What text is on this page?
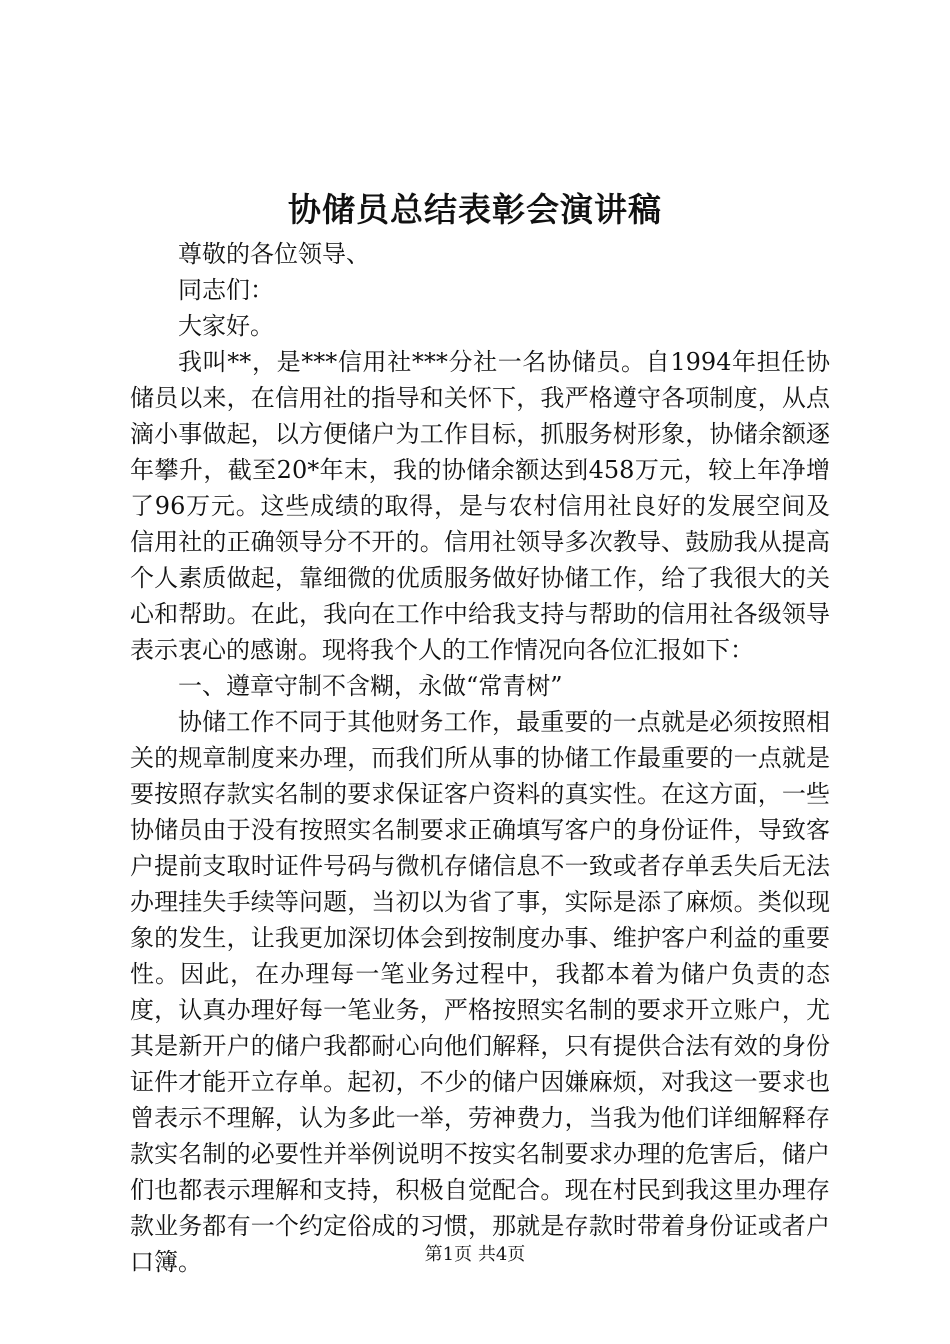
协储员总结表彰会演讲稿

尊敬的各位领导、

同志们：

大家好。

我叫**，是***信用社***分社一名协储员。自1994年担任协储员以来，在信用社的指导和关怀下，我严格遵守各项制度，从点滴小事做起，以方便储户为工作目标，抓服务树形象，协储余额逐年攀升，截至20*年末，我的协储余额达到458万元，较上年净增了96万元。这些成绩的取得，是与农村信用社良好的发展空间及信用社的正确领导分不开的。信用社领导多次教导、鼓励我从提高个人素质做起，靠细微的优质服务做好协储工作，给了我很大的关心和帮助。在此，我向在工作中给我支持与帮助的信用社各级领导表示衷心的感谢。现将我个人的工作情况向各位汇报如下：

一、遵章守制不含糊，永做“常青树”

协储工作不同于其他财务工作，最重要的一点就是必须按照相关的规章制度来办理，而我们所从事的协储工作最重要的一点就是要按照存款实名制的要求保证客户资料的真实性。在这方面，一些协储员由于没有按照实名制要求正确填写客户的身份证件，导致客户提前支取时证件号码与微机存储信息不一致或者存单丢失后无法办理挂失手续等问题，当初以为省了事，实际是添了麻烦。类似现象的发生，让我更加深切体会到按制度办事、维护客户利益的重要性。因此，在办理每一笔业务过程中，我都本着为储户负责的态度，认真办理好每一笔业务，严格按照实名制的要求开立账户，尤其是新开户的储户我都耐心向他们解释，只有提供合法有效的身份证件才能开立存单。起初，不少的储户因嫌麻烦，对我这一要求也曾表示不理解，认为多此一举，劳神费力，当我为他们详细解释存款实名制的必要性并举例说明不按实名制要求办理的危害后，储户们也都表示理解和支持，积极自觉配合。现在村民到我这里办理存款业务都有一个约定俗成的习惯，那就是存款时带着身份证或者户口簿。	第1页 共4页
